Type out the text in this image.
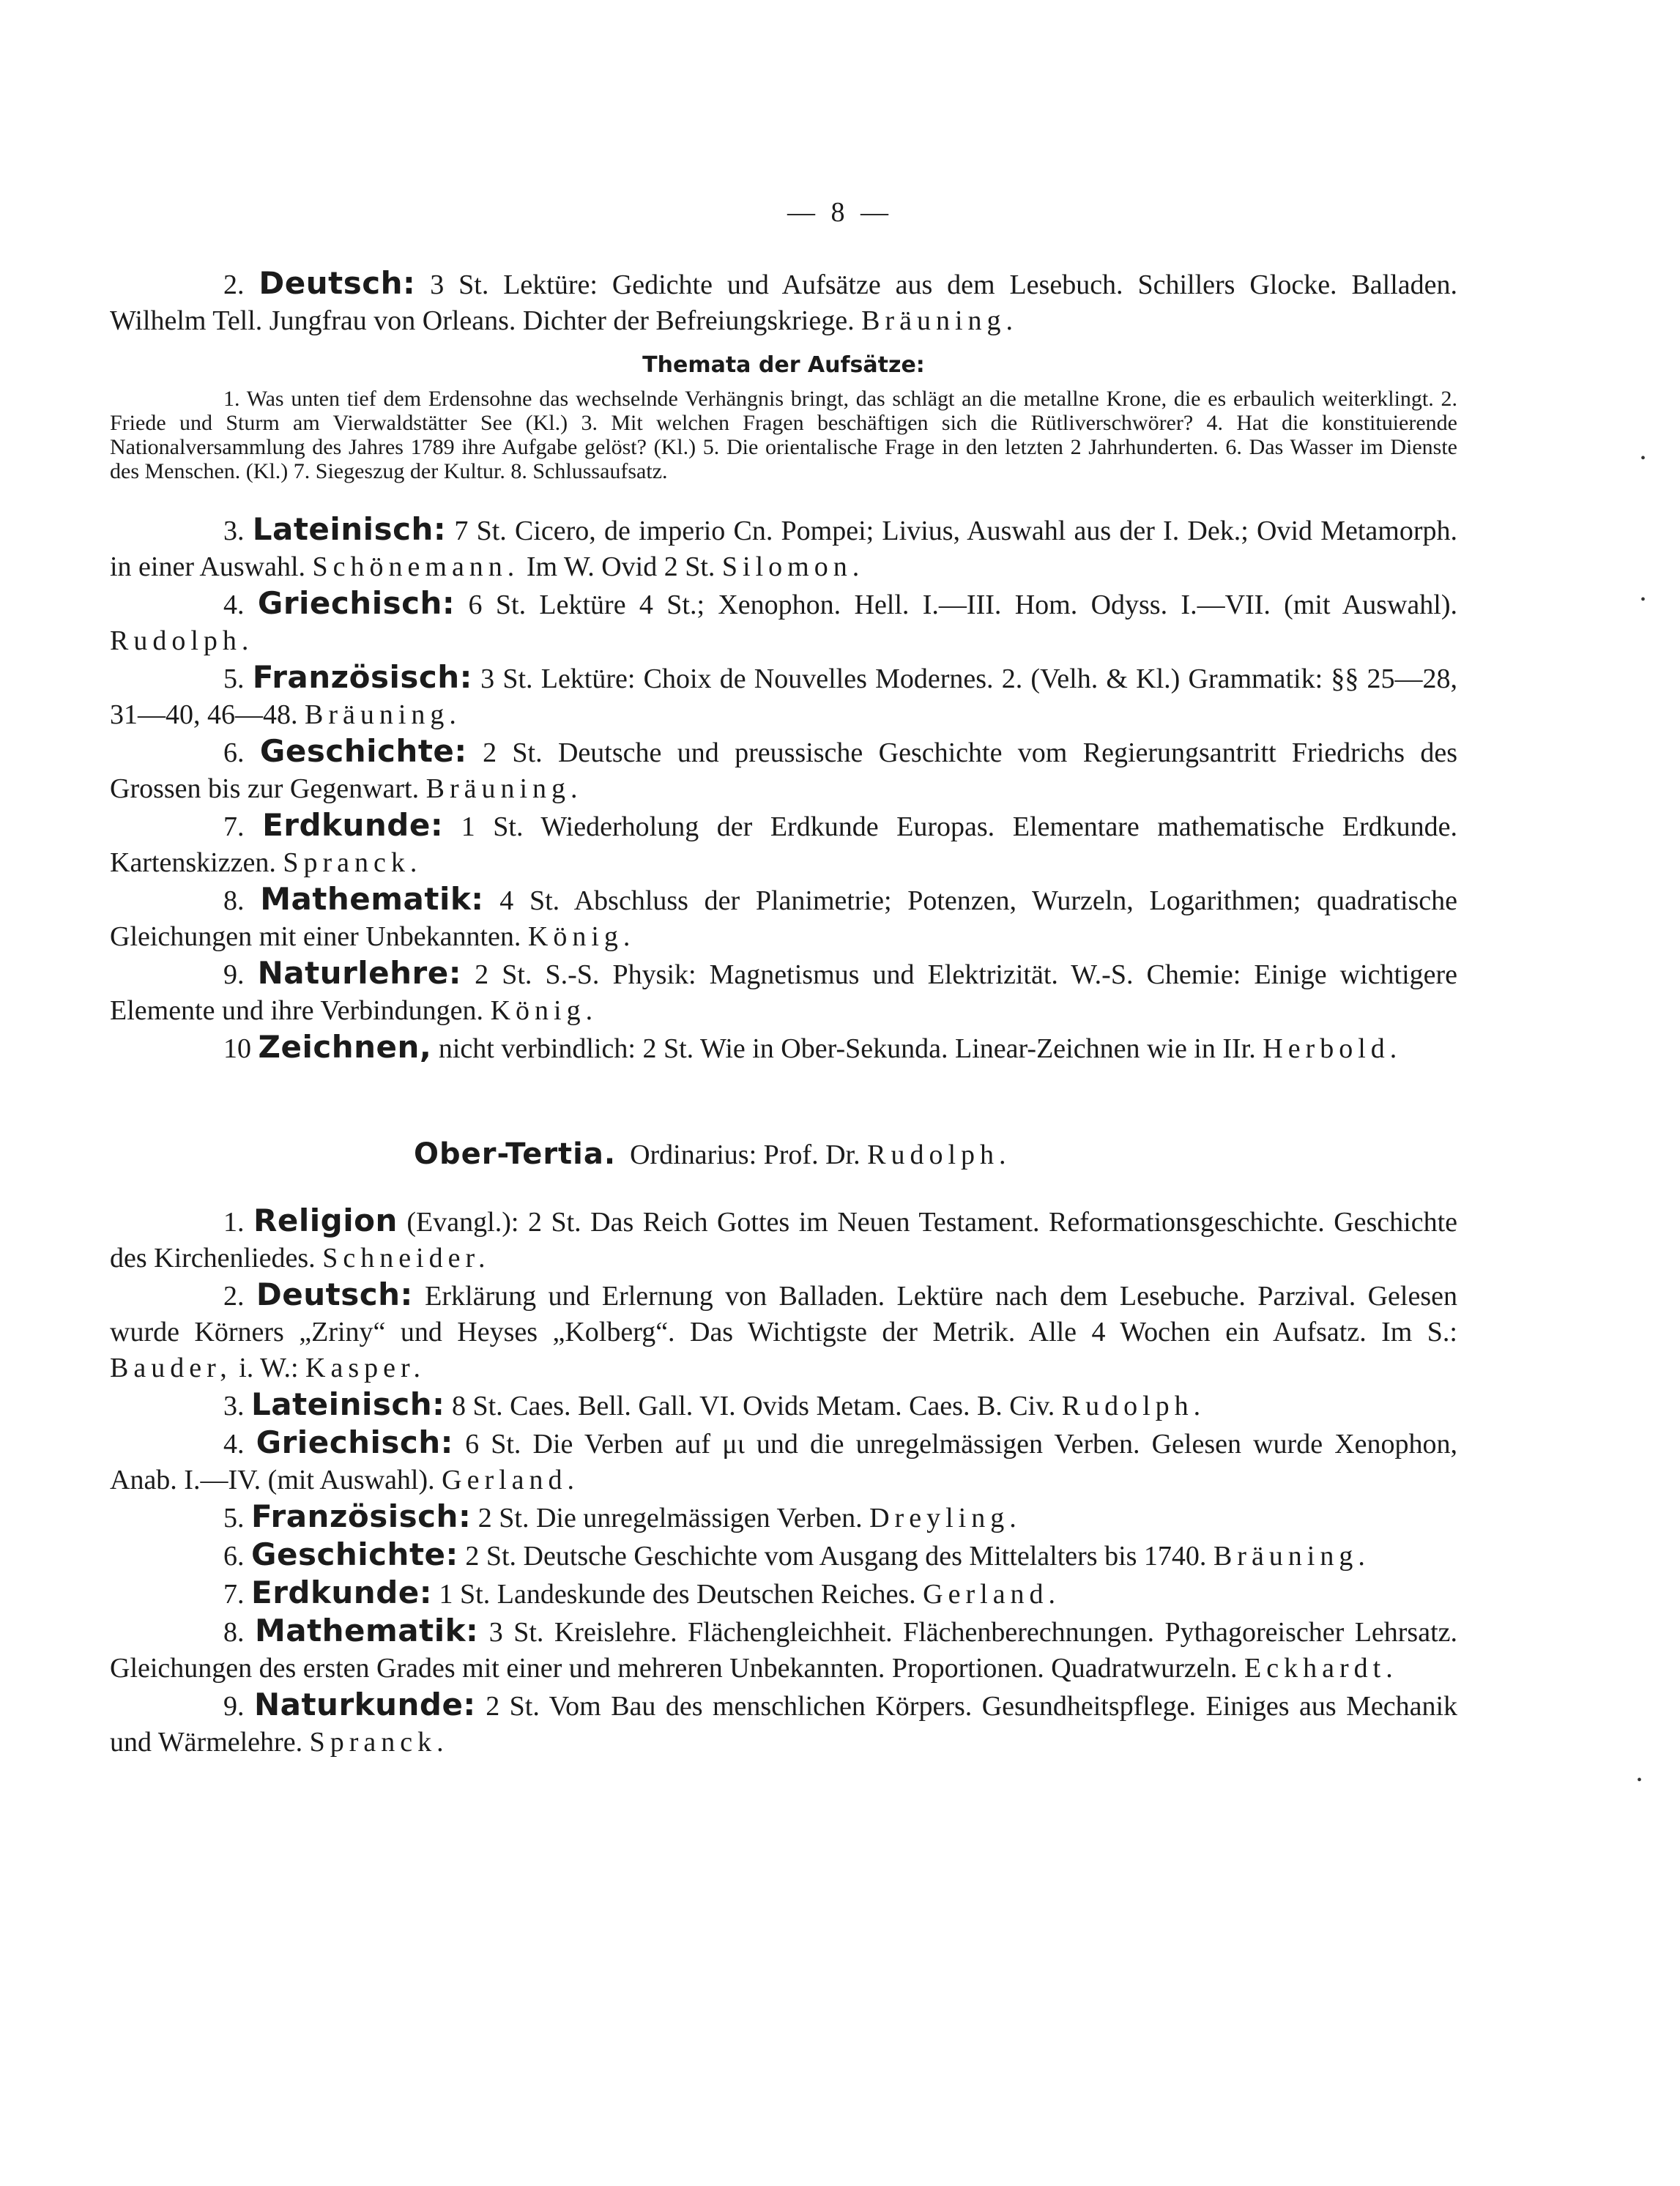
— 8 —

2. Deutsch: 3 St. Lektüre: Gedichte und Aufsätze aus dem Lesebuch. Schillers Glocke. Balladen. Wilhelm Tell. Jungfrau von Orleans. Dichter der Befreiungskriege. Bräuning.

Themata der Aufsätze:

1. Was unten tief dem Erdensohne das wechselnde Verhängnis bringt, das schlägt an die metallne Krone, die es erbaulich weiterklingt. 2. Friede und Sturm am Vierwaldstätter See (Kl.) 3. Mit welchen Fragen beschäftigen sich die Rütliverschwörer? 4. Hat die konstituierende Nationalversammlung des Jahres 1789 ihre Aufgabe gelöst? (Kl.) 5. Die orientalische Frage in den letzten 2 Jahrhunderten. 6. Das Wasser im Dienste des Menschen. (Kl.) 7. Siegeszug der Kultur. 8. Schlussaufsatz.

3. Lateinisch: 7 St. Cicero, de imperio Cn. Pompei; Livius, Auswahl aus der I. Dek.; Ovid Metamorph. in einer Auswahl. Schönemann. Im W. Ovid 2 St. Silomon.

4. Griechisch: 6 St. Lektüre 4 St.; Xenophon. Hell. I.—III. Hom. Odyss. I.—VII. (mit Auswahl). Rudolph.

5. Französisch: 3 St. Lektüre: Choix de Nouvelles Modernes. 2. (Velh. & Kl.) Grammatik: §§ 25—28, 31—40, 46—48. Bräuning.

6. Geschichte: 2 St. Deutsche und preussische Geschichte vom Regierungsantritt Friedrichs des Grossen bis zur Gegenwart. Bräuning.

7. Erdkunde: 1 St. Wiederholung der Erdkunde Europas. Elementare mathematische Erdkunde. Kartenskizzen. Spranck.

8. Mathematik: 4 St. Abschluss der Planimetrie; Potenzen, Wurzeln, Logarithmen; quadratische Gleichungen mit einer Unbekannten. König.

9. Naturlehre: 2 St. S.-S. Physik: Magnetismus und Elektrizität. W.-S. Chemie: Einige wichtigere Elemente und ihre Verbindungen. König.

10 Zeichnen, nicht verbindlich: 2 St. Wie in Ober-Sekunda. Linear-Zeichnen wie in IIr. Herbold.

Ober-Tertia. Ordinarius: Prof. Dr. Rudolph.

1. Religion (Evangl.): 2 St. Das Reich Gottes im Neuen Testament. Reformationsgeschichte. Geschichte des Kirchenliedes. Schneider.

2. Deutsch: Erklärung und Erlernung von Balladen. Lektüre nach dem Lesebuche. Parzival. Gelesen wurde Körners „Zriny“ und Heyses „Kolberg“. Das Wichtigste der Metrik. Alle 4 Wochen ein Aufsatz. Im S.: Bauder, i. W.: Kasper.

3. Lateinisch: 8 St. Caes. Bell. Gall. VI. Ovids Metam. Caes. B. Civ. Rudolph.

4. Griechisch: 6 St. Die Verben auf μι und die unregelmässigen Verben. Gelesen wurde Xenophon, Anab. I.—IV. (mit Auswahl). Gerland.

5. Französisch: 2 St. Die unregelmässigen Verben. Dreyling.

6. Geschichte: 2 St. Deutsche Geschichte vom Ausgang des Mittelalters bis 1740. Bräuning.

7. Erdkunde: 1 St. Landeskunde des Deutschen Reiches. Gerland.

8. Mathematik: 3 St. Kreislehre. Flächengleichheit. Flächenberechnungen. Pythagoreischer Lehrsatz. Gleichungen des ersten Grades mit einer und mehreren Unbekannten. Proportionen. Quadratwurzeln. Eckhardt.

9. Naturkunde: 2 St. Vom Bau des menschlichen Körpers. Gesundheitspflege. Einiges aus Mechanik und Wärmelehre. Spranck.

•
•
•
